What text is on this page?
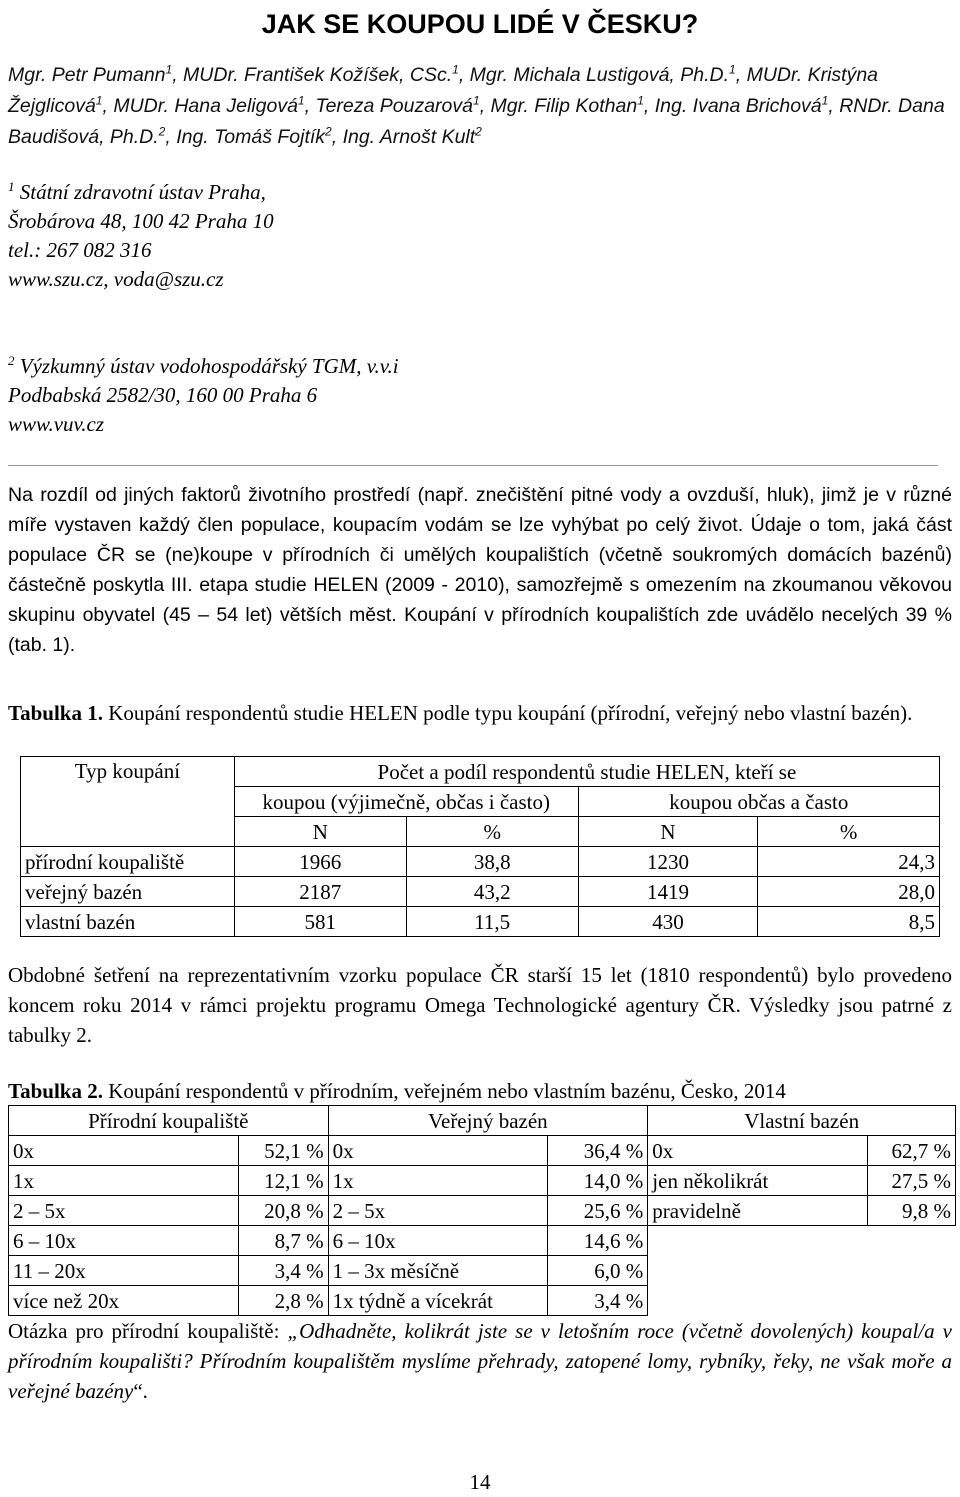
JAK SE KOUPOU LIDÉ V ČESKU?
Mgr. Petr Pumann$^1$, MUDr. František Kožíšek, CSc.$^1$, Mgr. Michala Lustigová, Ph.D.$^1$, MUDr. Kristýna Žejglicová$^1$, MUDr. Hana Jeligová$^1$, Tereza Pouzarová$^1$, Mgr. Filip Kothan$^1$, Ing. Ivana Brichová$^1$, RNDr. Dana Baudišová, Ph.D.$^2$, Ing. Tomáš Fojtík$^2$, Ing. Arnošt Kult$^2$
$^1$ Státní zdravotní ústav Praha,
Šrobárova 48, 100 42 Praha 10
tel.: 267 082 316
www.szu.cz, voda@szu.cz
$^2$ Výzkumný ústav vodohospodářský TGM, v.v.i
Podbabská 2582/30, 160 00 Praha 6
www.vuv.cz
Na rozdíl od jiných faktorů životního prostředí (např. znečištění pitné vody a ovzduší, hluk), jimž je v různé míře vystaven každý člen populace, koupacím vodám se lze vyhýbat po celý život. Údaje o tom, jaká část populace ČR se (ne)koupe v přírodních či umělých koupalištích (včetně soukromých domácích bazénů) částečně poskytla III. etapa studie HELEN (2009 - 2010), samozřejmě s omezením na zkoumanou věkovou skupinu obyvatel (45 – 54 let) větších měst. Koupání v přírodních koupalištích zde uvádělo necelých 39 % (tab. 1).
Tabulka 1. Koupání respondentů studie HELEN podle typu koupání (přírodní, veřejný nebo vlastní bazén).
Typ koupání	Počet a podíl respondentů studie HELEN, kteří se			
	koupou (výjimečně, občas i často)		koupou občas a často	
	N	%	N	%
přírodní koupaliště	1966	38,8	1230	24,3
veřejný bazén	2187	43,2	1419	28,0
vlastní bazén	581	11,5	430	8,5
Obdobné šetření na reprezentativním vzorku populace ČR starší 15 let (1810 respondentů) bylo provedeno koncem roku 2014 v rámci projektu programu Omega Technologické agentury ČR. Výsledky jsou patrné z tabulky 2.
Tabulka 2. Koupání respondentů v přírodním, veřejném nebo vlastním bazénu, Česko, 2014
Přírodní koupaliště		Veřejný bazén		Vlastní bazén	
0x	52,1 %	0x	36,4 %	0x	62,7 %
1x	12,1 %	1x	14,0 %	jen několikrát	27,5 %
2 – 5x	20,8 %	2 – 5x	25,6 %	pravidelně	9,8 %
6 – 10x	8,7 %	6 – 10x	14,6 %		
11 – 20x	3,4 %	1 – 3x měsíčně	6,0 %		
více než 20x	2,8 %	1x týdně a vícekrát	3,4 %		
Otázka pro přírodní koupaliště: „Odhadněte, kolikrát jste se v letošním roce (včetně dovolených) koupal/a v přírodním koupališti? Přírodním koupalištěm myslíme přehrady, zatopené lomy, rybníky, řeky, ne však moře a veřejné bazény“.
14
